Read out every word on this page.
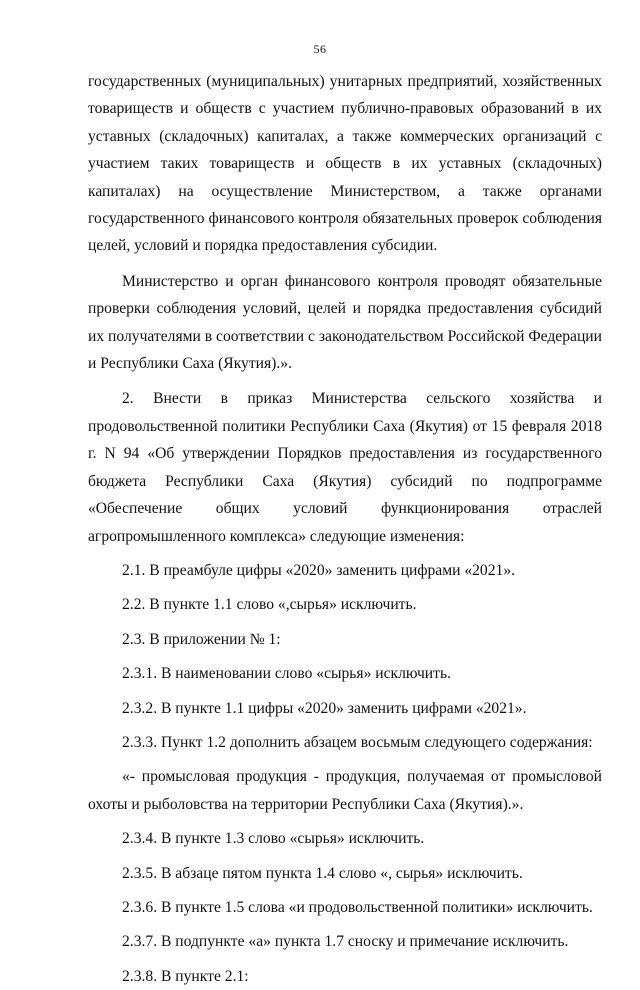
56

государственных (муниципальных) унитарных предприятий, хозяйственных товариществ и обществ с участием публично-правовых образований в их уставных (складочных) капиталах, а также коммерческих организаций с участием таких товариществ и обществ в их уставных (складочных) капиталах) на осуществление Министерством, а также органами государственного финансового контроля обязательных проверок соблюдения целей, условий и порядка предоставления субсидии.

Министерство и орган финансового контроля проводят обязательные проверки соблюдения условий, целей и порядка предоставления субсидий их получателями в соответствии с законодательством Российской Федерации и Республики Саха (Якутия).».

2. Внести в приказ Министерства сельского хозяйства и продовольственной политики Республики Саха (Якутия) от 15 февраля 2018 г. N 94 «Об утверждении Порядков предоставления из государственного бюджета Республики Саха (Якутия) субсидий по подпрограмме «Обеспечение общих условий функционирования отраслей агропромышленного комплекса» следующие изменения:

2.1. В преамбуле цифры «2020» заменить цифрами «2021».

2.2. В пункте 1.1 слово «,сырья» исключить.

2.3. В приложении № 1:

2.3.1. В наименовании слово «сырья» исключить.

2.3.2. В пункте 1.1 цифры «2020» заменить цифрами «2021».

2.3.3. Пункт 1.2 дополнить абзацем восьмым следующего содержания:

«- промысловая продукция - продукция, получаемая от промысловой охоты и рыболовства на территории Республики Саха (Якутия).».

2.3.4. В пункте 1.3 слово «сырья» исключить.

2.3.5. В абзаце пятом пункта 1.4 слово «, сырья» исключить.

2.3.6. В пункте 1.5 слова «и продовольственной политики» исключить.

2.3.7. В подпункте «а» пункта 1.7 сноску и примечание исключить.

2.3.8. В пункте 2.1:
